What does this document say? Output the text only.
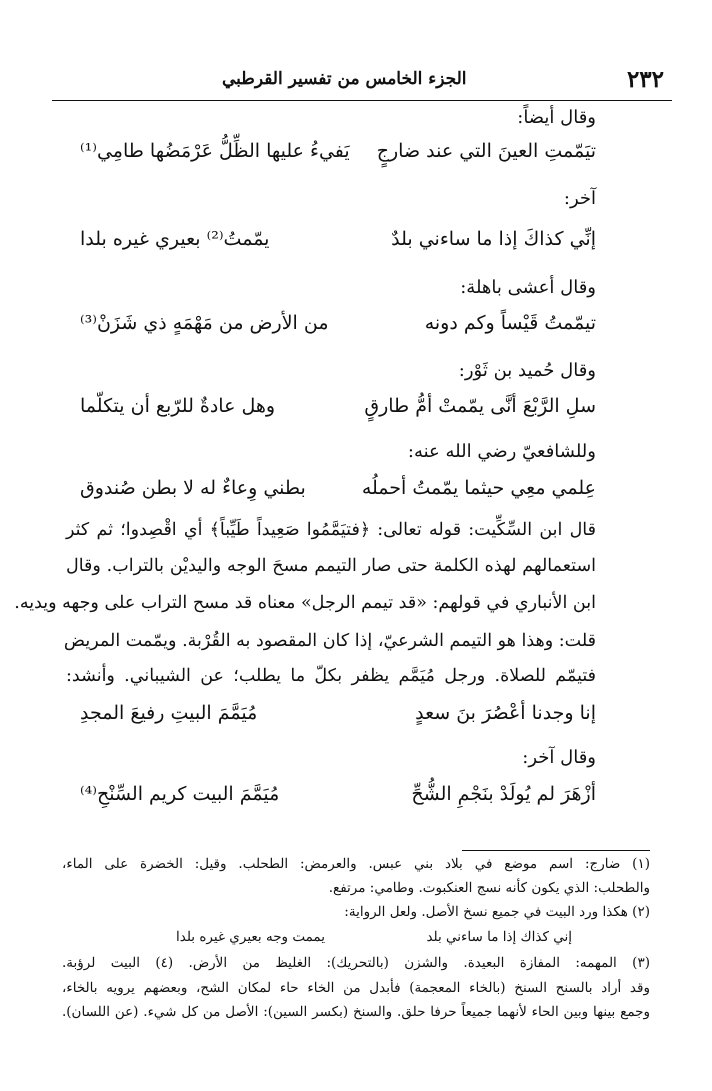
٢٣٢
الجزء الخامس من تفسير القرطبي
وقال أيضاً:
تيَمّمتِ العينَ التي عند ضارجٍ
يَفيءُ عليها الظِّلُّ عَرْمَضُها طامِي⁽¹⁾
آخر:
إنِّي كذاكَ إذا ما ساءني بلدٌ
يمّمتُ⁽²⁾ بعيري غيره بلدا
وقال أعشى باهلة:
تيمّمتُ قَيْساً وكم دونه
من الأرض من مَهْمَهٍ ذي شَزَنْ⁽³⁾
وقال حُميد بن ثَوْر:
سلِ الرَّبْعَ أنَّى يمّمتْ أمُّ طارقٍ
وهل عادةٌ للرّبع أن يتكلّما
وللشافعيّ رضي الله عنه:
عِلمي معِي حيثما يمّمتُ أحملُه
بطني وِعاءٌ له لا بطن صُندوق
قال ابن السِّكِّيت: قوله تعالى: ﴿فتيَمَّمُوا صَعِيداً طَيِّباً﴾ أي اقْصِدوا؛ ثم كثر
استعمالهم لهذه الكلمة حتى صار التيمم مسحَ الوجه واليديْن بالتراب. وقال
ابن الأنباري في قولهم: «قد تيمم الرجل» معناه قد مسح التراب على وجهه ويديه.
قلت: وهذا هو التيمم الشرعيّ، إذا كان المقصود به القُرْبة. ويمّمت المريض
فتيمّم للصلاة. ورجل مُيَمَّم يظفر بكلّ ما يطلب؛ عن الشيباني. وأنشد:
إنا وجدنا أعْصُرَ بنَ سعدٍ
مُيَمَّمَ البيتِ رفيعَ المجدِ
وقال آخر:
أزْهَرَ لم يُولَدْ بنَجْمِ الشُّحِّ
مُيَمَّمَ البيت كريم السِّنْحِ⁽⁴⁾
(١) ضارج: اسم موضع في بلاد بني عبس. والعرمض: الطحلب. وقيل: الخضرة على الماء،
والطحلب: الذي يكون كأنه نسج العنكبوت. وطامي: مرتفع.
(٢) هكذا ورد البيت في جميع نسخ الأصل. ولعل الرواية:
إني كذاك إذا ما ساءني بلد
يممت وجه بعيري غيره بلدا
(٣) المهمه: المفازة البعيدة. والشزن (بالتحريك): الغليظ من الأرض. (٤) البيت لرؤبة.
وقد أراد بالسنح السنخ (بالخاء المعجمة) فأبدل من الخاء حاء لمكان الشح، وبعضهم يرويه بالخاء،
وجمع بينها وبين الحاء لأنهما جميعاً حرفا حلق. والسنخ (بكسر السين): الأصل من كل شيء. (عن اللسان).
